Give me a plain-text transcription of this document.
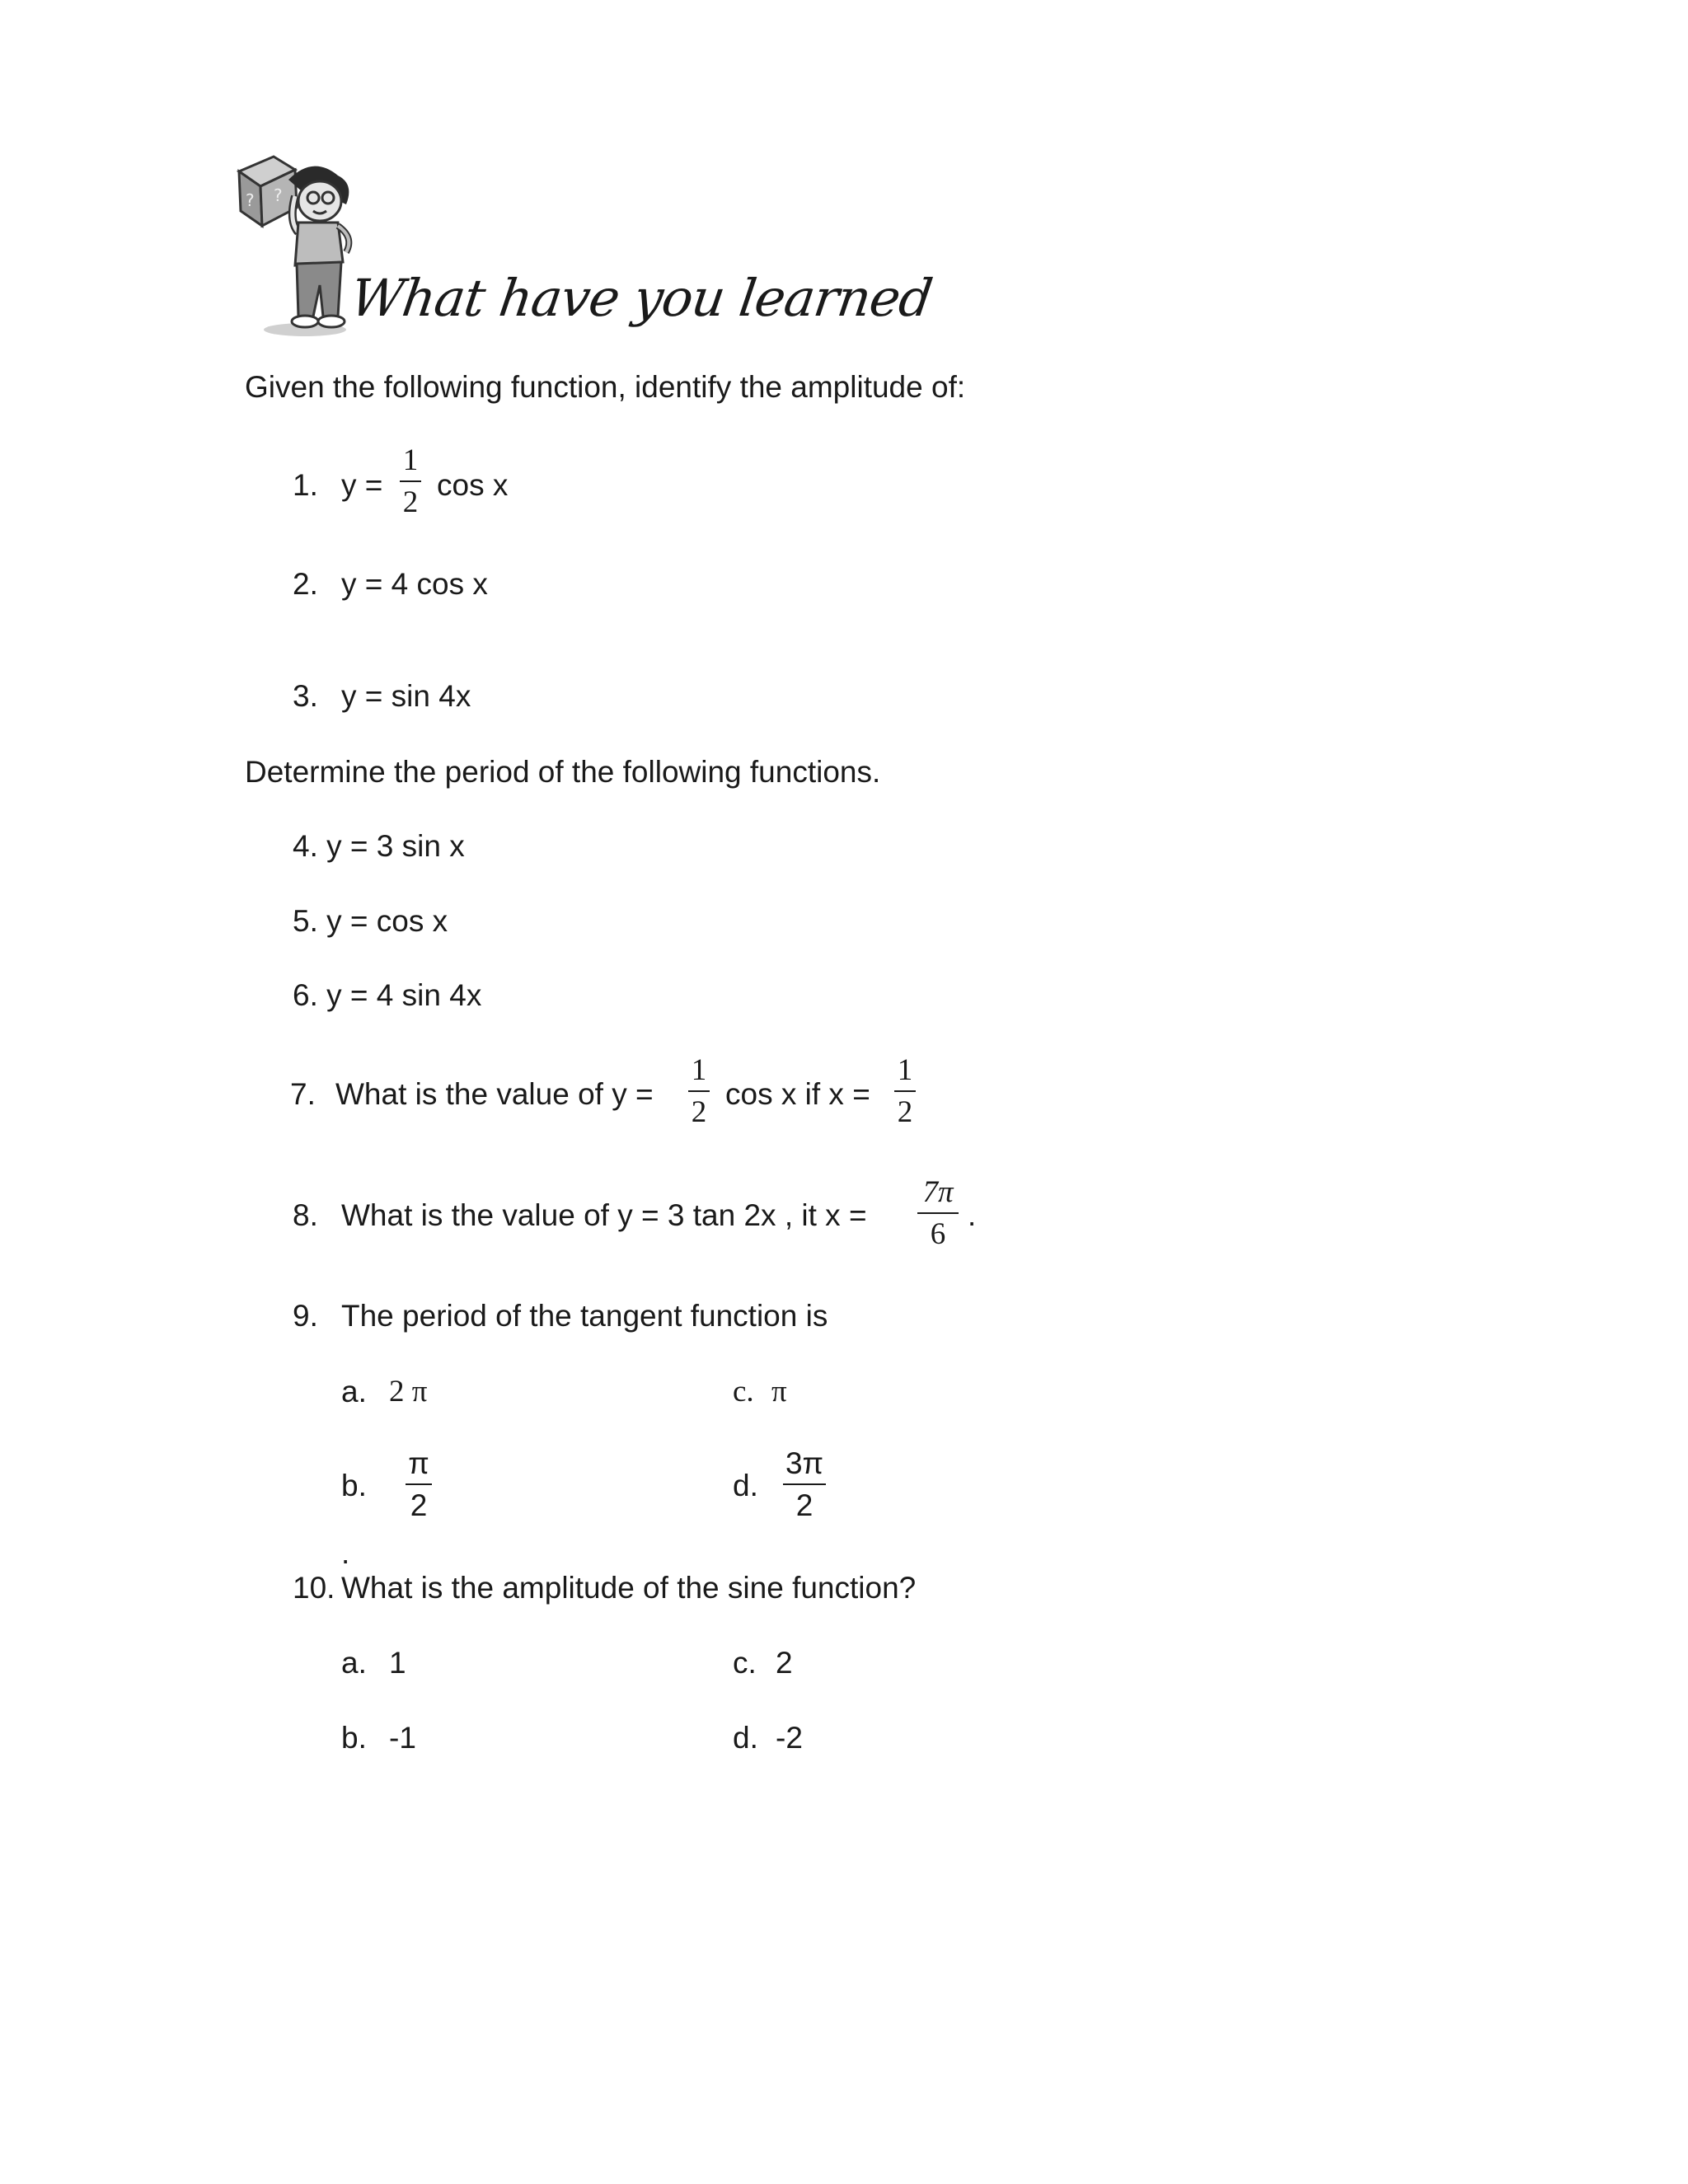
? ?
What have you learned
Given the following function, identify the amplitude of:
1. y =
1
2
cos x
2. y = 4 cos x
3. y = sin 4x
Determine the period of the following functions.
4. y = 3 sin x
5. y = cos x
6. y = 4 sin 4x
7. What is the value of y =
1
2
cos x if x =
1
2
8. What is the value of y = 3 tan 2x , it x =
7π
6
.
9. The period of the tangent function is
a. 2 π	c. π
b.
π
2
d.
3π
2
.
10. What is the amplitude of the sine function?
a. 1	c. 2
b. -1	d. -2
